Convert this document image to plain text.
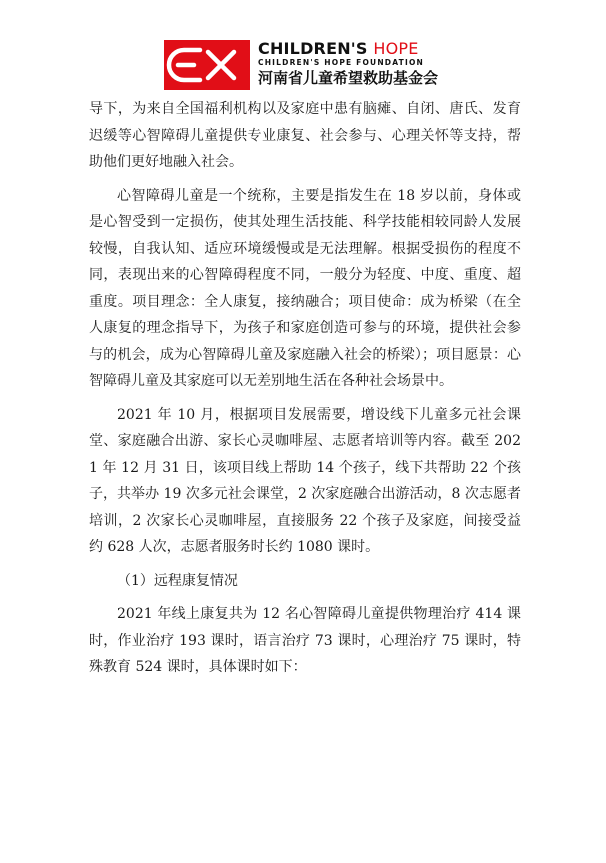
CHILDREN'S HOPE
CHILDREN'S HOPE FOUNDATION
河南省儿童希望救助基金会

导下，为来自全国福利机构以及家庭中患有脑瘫、自闭、唐氏、发育迟缓等心智障碍儿童提供专业康复、社会参与、心理关怀等支持，帮助他们更好地融入社会。

心智障碍儿童是一个统称，主要是指发生在 18 岁以前，身体或是心智受到一定损伤，使其处理生活技能、科学技能相较同龄人发展较慢，自我认知、适应环境缓慢或是无法理解。根据受损伤的程度不同，表现出来的心智障碍程度不同，一般分为轻度、中度、重度、超重度。项目理念：全人康复，接纳融合；项目使命：成为桥梁（在全人康复的理念指导下，为孩子和家庭创造可参与的环境，提供社会参与的机会，成为心智障碍儿童及家庭融入社会的桥梁）；项目愿景：心智障碍儿童及其家庭可以无差别地生活在各种社会场景中。

2021 年 10 月，根据项目发展需要，增设线下儿童多元社会课堂、家庭融合出游、家长心灵咖啡屋、志愿者培训等内容。截至 2021 年 12 月 31 日，该项目线上帮助 14 个孩子，线下共帮助 22 个孩子，共举办 19 次多元社会课堂，2 次家庭融合出游活动，8 次志愿者培训，2 次家长心灵咖啡屋，直接服务 22 个孩子及家庭，间接受益约 628 人次，志愿者服务时长约 1080 课时。

（1）远程康复情况

2021 年线上康复共为 12 名心智障碍儿童提供物理治疗 414 课时，作业治疗 193 课时，语言治疗 73 课时，心理治疗 75 课时，特殊教育 524 课时，具体课时如下：
